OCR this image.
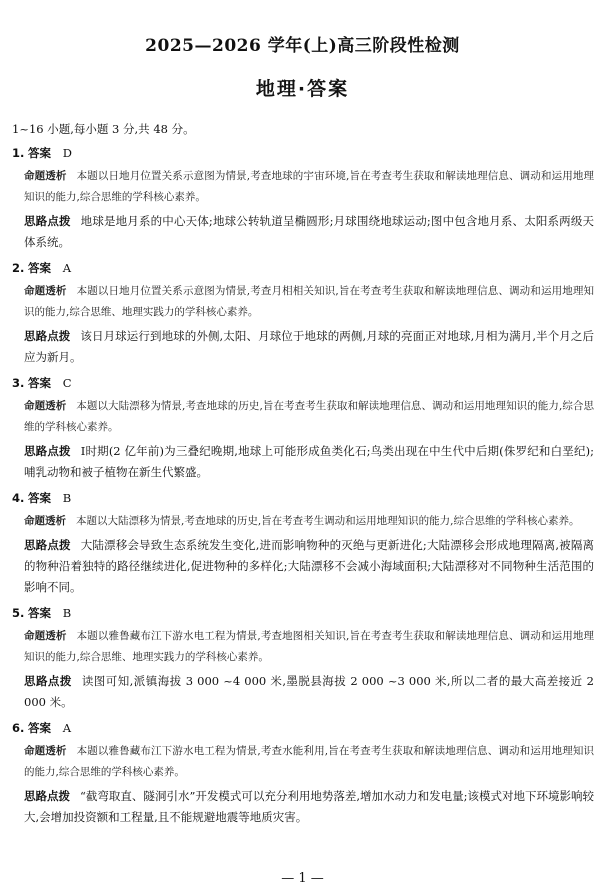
2025—2026 学年(上)高三阶段性检测
地理·答案
1~16 小题,每小题 3 分,共 48 分。
1. 答案 D
命题透析 本题以日地月位置关系示意图为情景,考查地球的宇宙环境,旨在考查考生获取和解读地理信息、调动和运用地理知识的能力,综合思维的学科核心素养。
思路点拨 地球是地月系的中心天体;地球公转轨道呈椭圆形;月球围绕地球运动;图中包含地月系、太阳系两级天体系统。
2. 答案 A
命题透析 本题以日地月位置关系示意图为情景,考查月相相关知识,旨在考查考生获取和解读地理信息、调动和运用地理知识的能力,综合思维、地理实践力的学科核心素养。
思路点拨 该日月球运行到地球的外侧,太阳、月球位于地球的两侧,月球的亮面正对地球,月相为满月,半个月之后应为新月。
3. 答案 C
命题透析 本题以大陆漂移为情景,考查地球的历史,旨在考查考生获取和解读地理信息、调动和运用地理知识的能力,综合思维的学科核心素养。
思路点拨 Ⅰ时期(2 亿年前)为三叠纪晚期,地球上可能形成鱼类化石;鸟类出现在中生代中后期(侏罗纪和白垩纪);哺乳动物和被子植物在新生代繁盛。
4. 答案 B
命题透析 本题以大陆漂移为情景,考查地球的历史,旨在考查考生调动和运用地理知识的能力,综合思维的学科核心素养。
思路点拨 大陆漂移会导致生态系统发生变化,进而影响物种的灭绝与更新进化;大陆漂移会形成地理隔离,被隔离的物种沿着独特的路径继续进化,促进物种的多样化;大陆漂移不会减小海域面积;大陆漂移对不同物种生活范围的影响不同。
5. 答案 B
命题透析 本题以雅鲁藏布江下游水电工程为情景,考查地图相关知识,旨在考查考生获取和解读地理信息、调动和运用地理知识的能力,综合思维、地理实践力的学科核心素养。
思路点拨 读图可知,派镇海拔 3 000 ~4 000 米,墨脱县海拔 2 000 ~3 000 米,所以二者的最大高差接近 2 000 米。
6. 答案 A
命题透析 本题以雅鲁藏布江下游水电工程为情景,考查水能利用,旨在考查考生获取和解读地理信息、调动和运用地理知识的能力,综合思维的学科核心素养。
思路点拨 “截弯取直、隧洞引水”开发模式可以充分利用地势落差,增加水动力和发电量;该模式对地下环境影响较大,会增加投资额和工程量,且不能规避地震等地质灾害。
— 1 —
